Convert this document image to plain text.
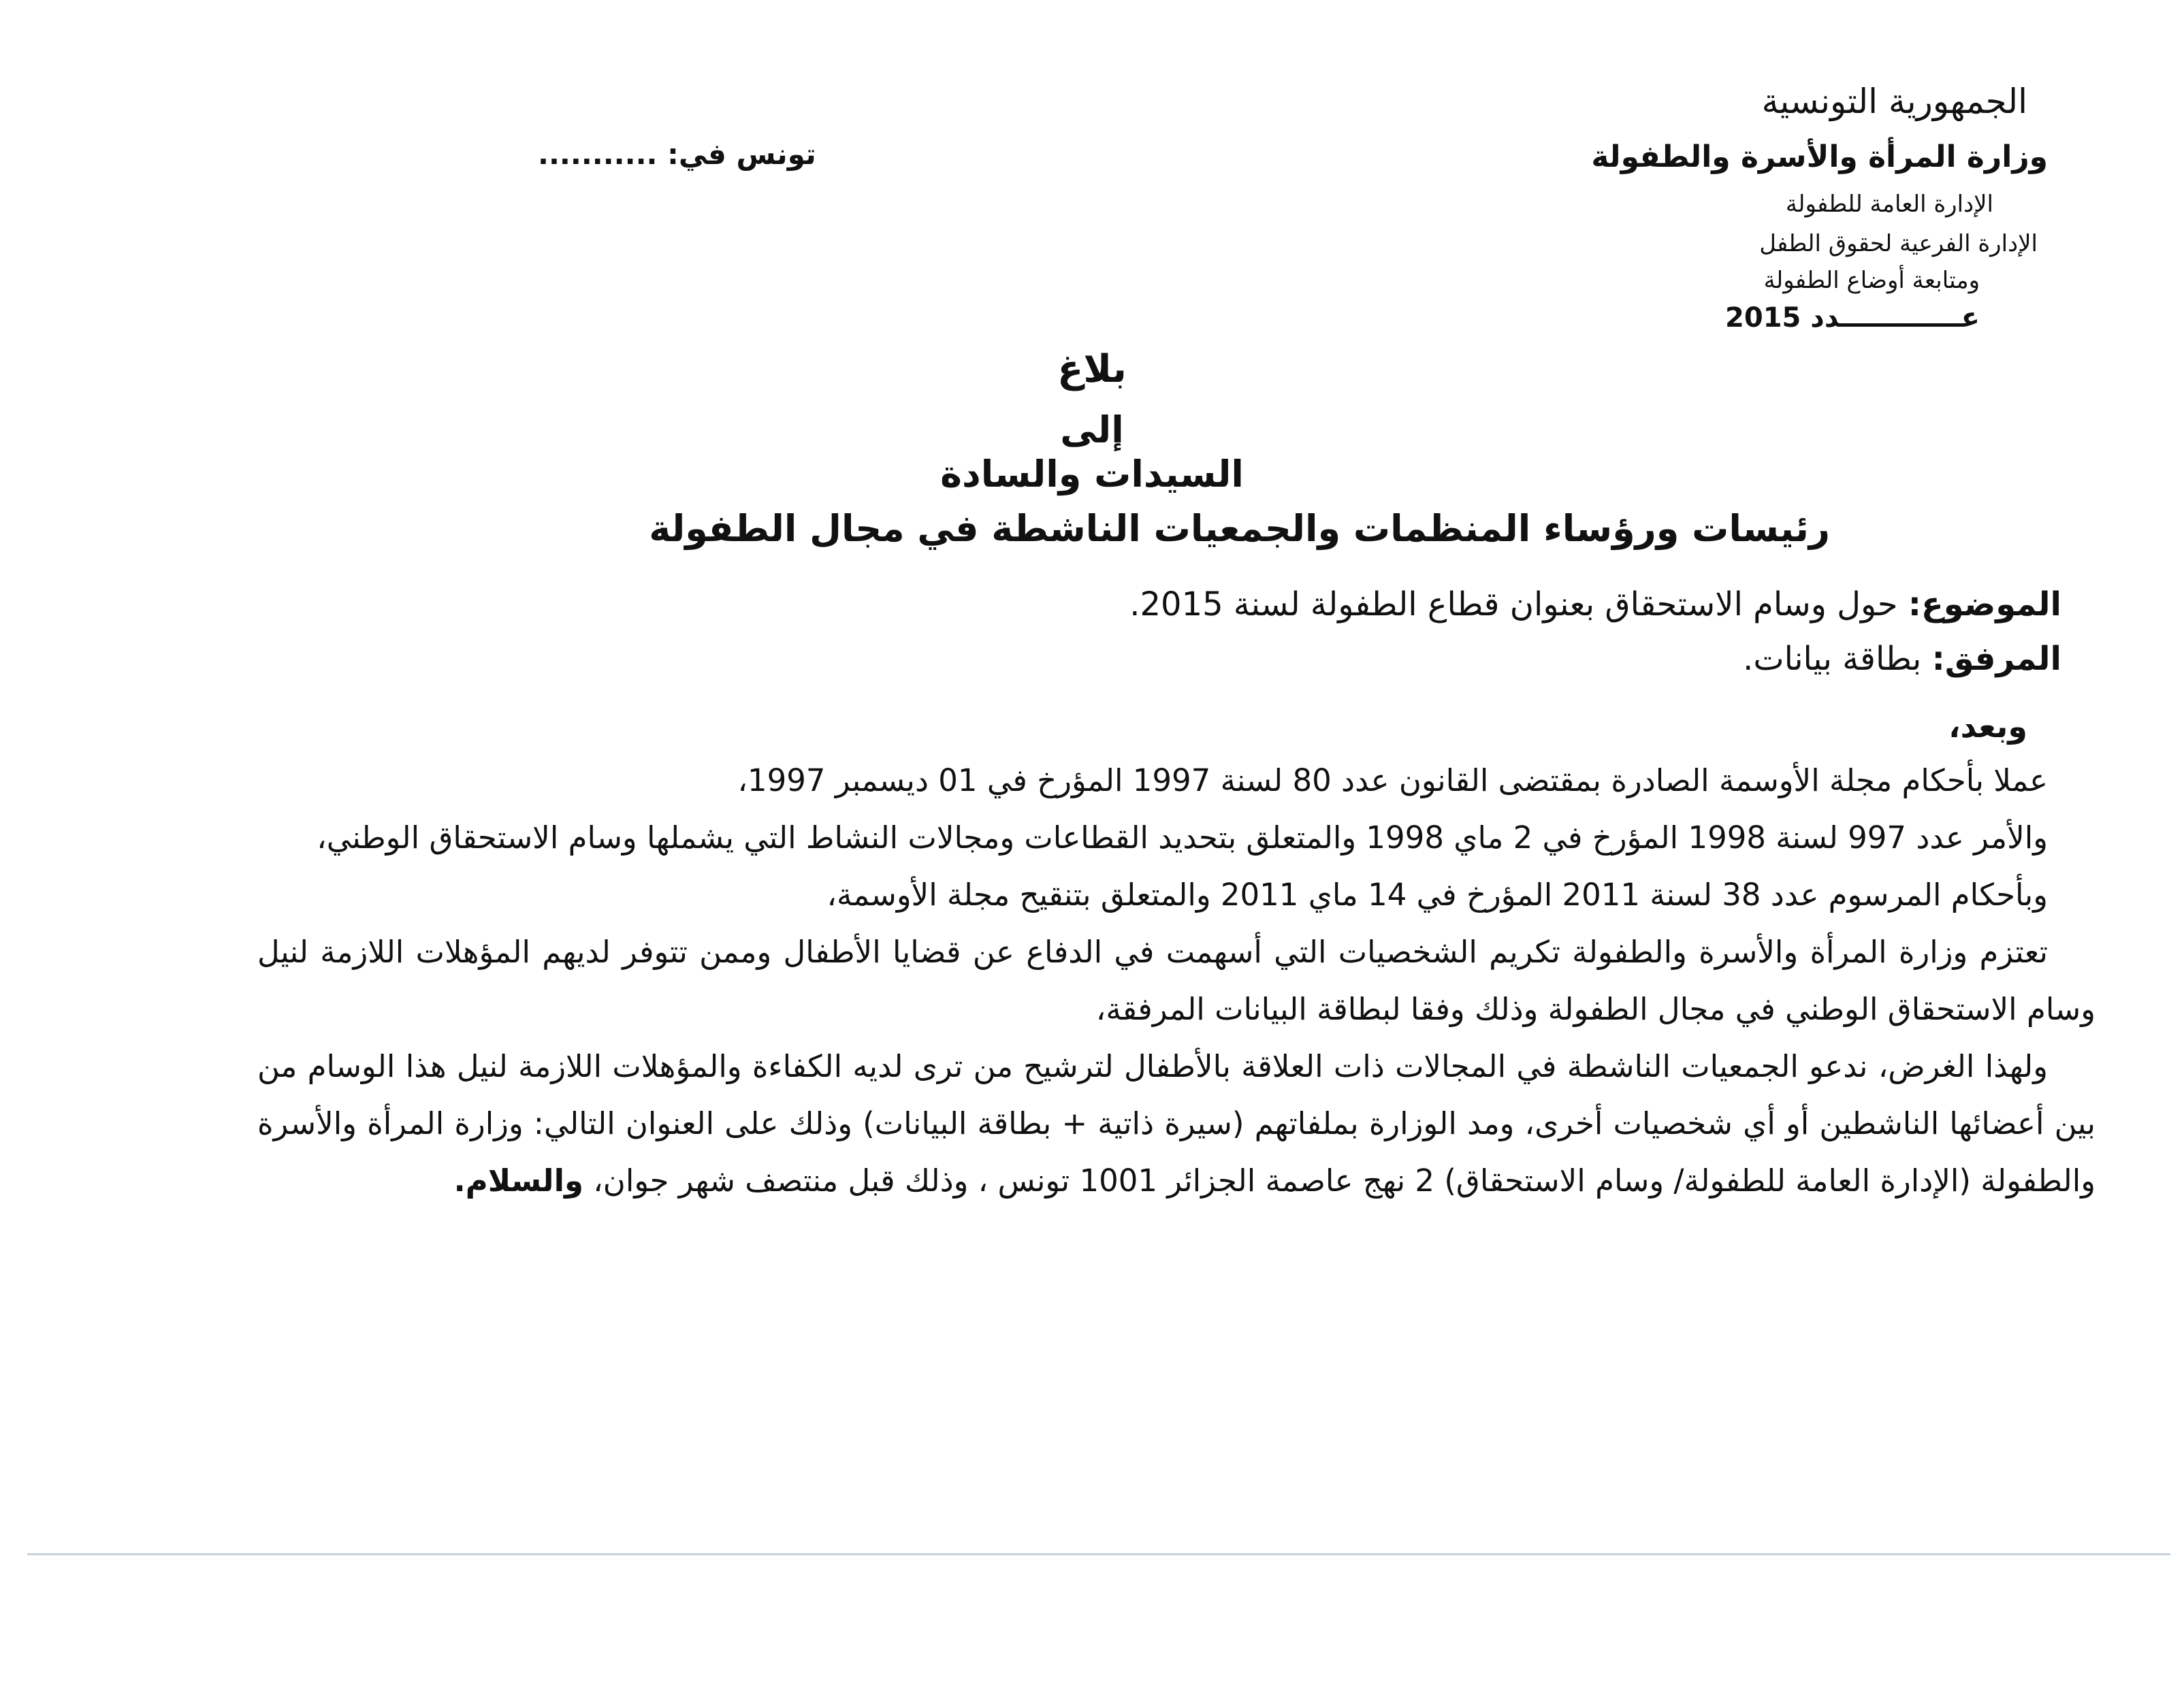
الجمهورية التونسية
وزارة المرأة والأسرة والطفولة
الإدارة العامة للطفولة
الإدارة الفرعية لحقوق الطفل
ومتابعة أوضاع الطفولة
عـــــــــــــدد 2015
تونس في: ...........
بلاغ
إلى
السيدات والسادة
رئيسات ورؤساء المنظمات والجمعيات الناشطة في مجال الطفولة
الموضوع: حول وسام الاستحقاق بعنوان قطاع الطفولة لسنة 2015.
المرفق: بطاقة بيانات.
وبعد،

عملا بأحكام مجلة الأوسمة الصادرة بمقتضى القانون عدد 80 لسنة 1997 المؤرخ في 01 ديسمبر 1997،

والأمر عدد 997 لسنة 1998 المؤرخ في 2 ماي 1998 والمتعلق بتحديد القطاعات ومجالات النشاط التي يشملها وسام الاستحقاق الوطني،

وبأحكام المرسوم عدد 38 لسنة 2011 المؤرخ في 14 ماي 2011 والمتعلق بتنقيح مجلة الأوسمة،

تعتزم وزارة المرأة والأسرة والطفولة تكريم الشخصيات التي أسهمت في الدفاع عن قضايا الأطفال وممن تتوفر لديهم المؤهلات اللازمة لنيل وسام الاستحقاق الوطني في مجال الطفولة وذلك وفقا لبطاقة البيانات المرفقة،

ولهذا الغرض، ندعو الجمعيات الناشطة في المجالات ذات العلاقة بالأطفال لترشيح من ترى لديه الكفاءة والمؤهلات اللازمة لنيل هذا الوسام من بين أعضائها الناشطين أو أي شخصيات أخرى، ومد الوزارة بملفاتهم (سيرة ذاتية + بطاقة البيانات) وذلك على العنوان التالي: وزارة المرأة والأسرة والطفولة (الإدارة العامة للطفولة/ وسام الاستحقاق) 2 نهج عاصمة الجزائر 1001 تونس ، وذلك قبل منتصف شهر جوان، والسلام.
